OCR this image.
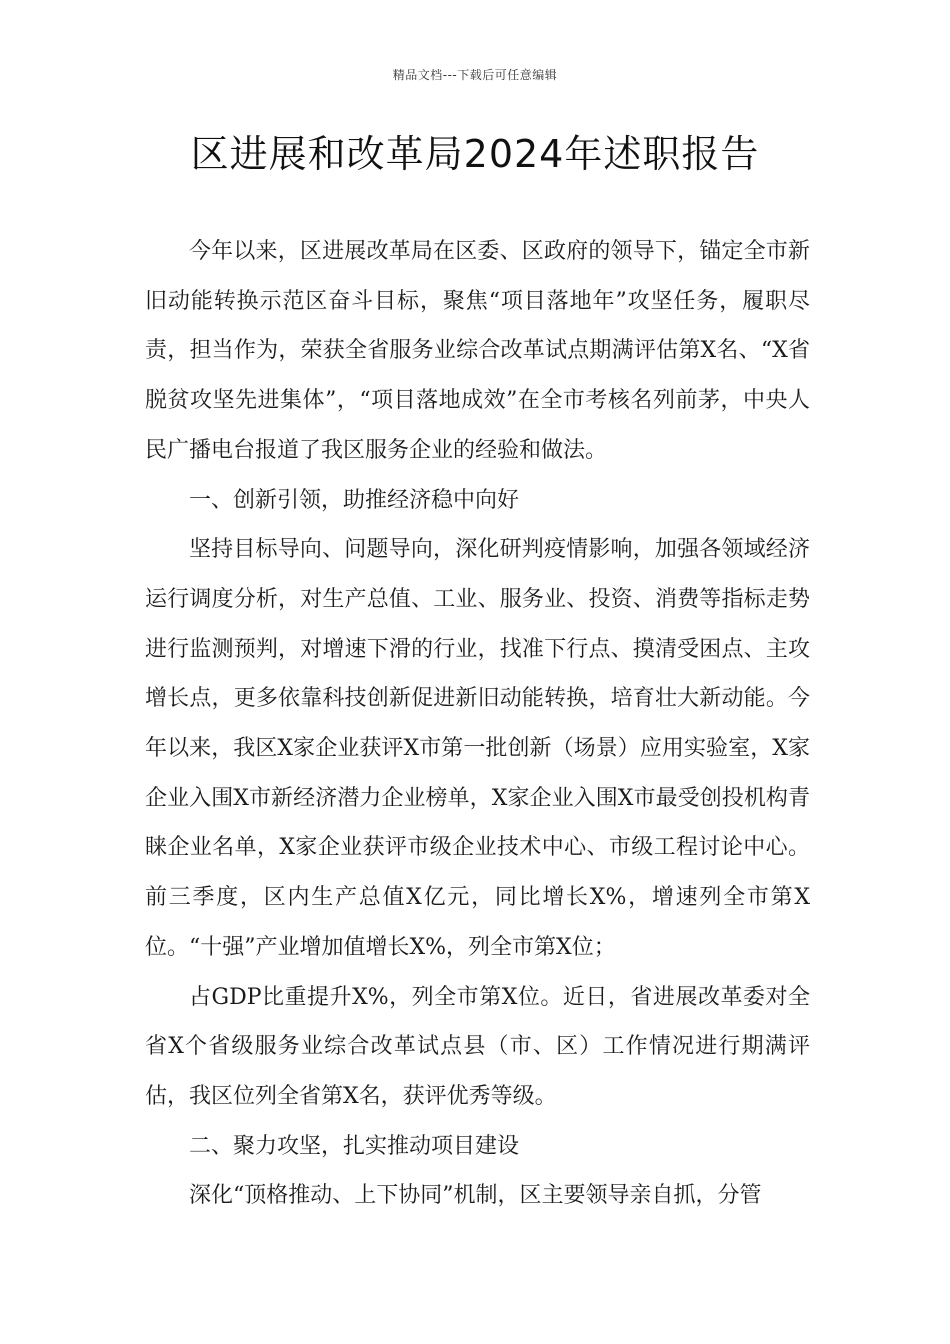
精品文档---下载后可任意编辑
区进展和改革局2024年述职报告

今年以来，区进展改革局在区委、区政府的领导下，锚定全市新旧动能转换示范区奋斗目标，聚焦“项目落地年”攻坚任务，履职尽责，担当作为，荣获全省服务业综合改革试点期满评估第X名、“X省脱贫攻坚先进集体”，“项目落地成效”在全市考核名列前茅，中央人民广播电台报道了我区服务企业的经验和做法。

一、创新引领，助推经济稳中向好

坚持目标导向、问题导向，深化研判疫情影响，加强各领域经济运行调度分析，对生产总值、工业、服务业、投资、消费等指标走势进行监测预判，对增速下滑的行业，找准下行点、摸清受困点、主攻增长点，更多依靠科技创新促进新旧动能转换，培育壮大新动能。今年以来，我区X家企业获评X市第一批创新（场景）应用实验室，X家企业入围X市新经济潜力企业榜单，X家企业入围X市最受创投机构青睐企业名单，X家企业获评市级企业技术中心、市级工程讨论中心。前三季度，区内生产总值X亿元，同比增长X%，增速列全市第X位。“十强”产业增加值增长X%，列全市第X位；

占GDP比重提升X%，列全市第X位。近日，省进展改革委对全省X个省级服务业综合改革试点县（市、区）工作情况进行期满评估，我区位列全省第X名，获评优秀等级。

二、聚力攻坚，扎实推动项目建设

深化“顶格推动、上下协同”机制，区主要领导亲自抓，分管
